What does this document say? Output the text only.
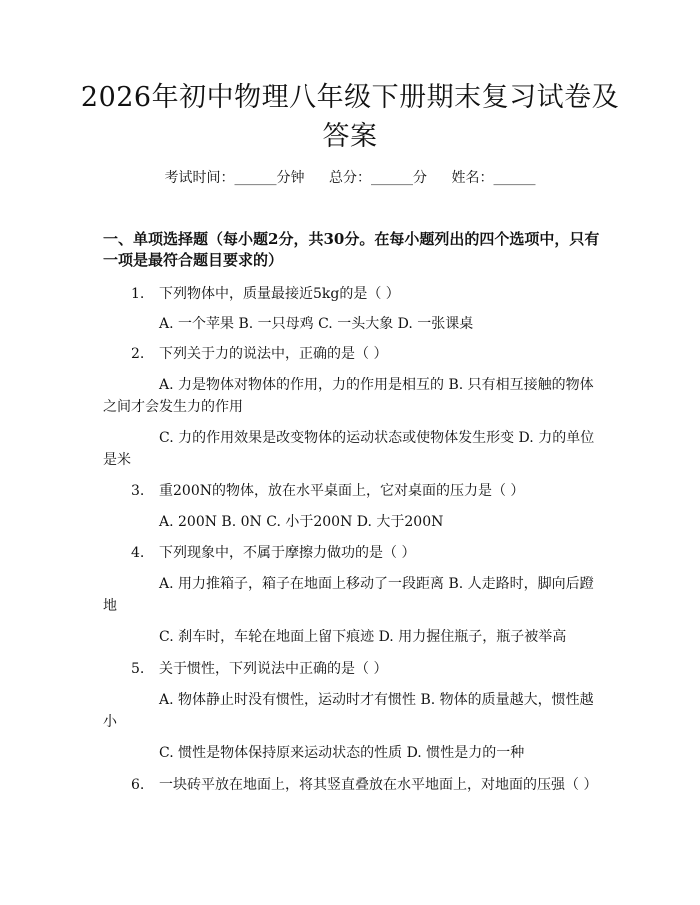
2026年初中物理八年级下册期末复习试卷及答案
考试时间：______分钟 总分：______分 姓名：______

一、单项选择题（每小题2分，共30分。在每小题列出的四个选项中，只有一项是最符合题目要求的）

1. 下列物体中，质量最接近5kg的是（ ）

A. 一个苹果 B. 一只母鸡 C. 一头大象 D. 一张课桌

2. 下列关于力的说法中，正确的是（ ）

A. 力是物体对物体的作用，力的作用是相互的 B. 只有相互接触的物体之间才会发生力的作用

C. 力的作用效果是改变物体的运动状态或使物体发生形变 D. 力的单位是米

3. 重200N的物体，放在水平桌面上，它对桌面的压力是（ ）

A. 200N B. 0N C. 小于200N D. 大于200N

4. 下列现象中，不属于摩擦力做功的是（ ）

A. 用力推箱子，箱子在地面上移动了一段距离 B. 人走路时，脚向后蹬地

C. 刹车时，车轮在地面上留下痕迹 D. 用力握住瓶子，瓶子被举高

5. 关于惯性，下列说法中正确的是（ ）

A. 物体静止时没有惯性，运动时才有惯性 B. 物体的质量越大，惯性越小

C. 惯性是物体保持原来运动状态的性质 D. 惯性是力的一种

6. 一块砖平放在地面上，将其竖直叠放在水平地面上，对地面的压强（ ）
